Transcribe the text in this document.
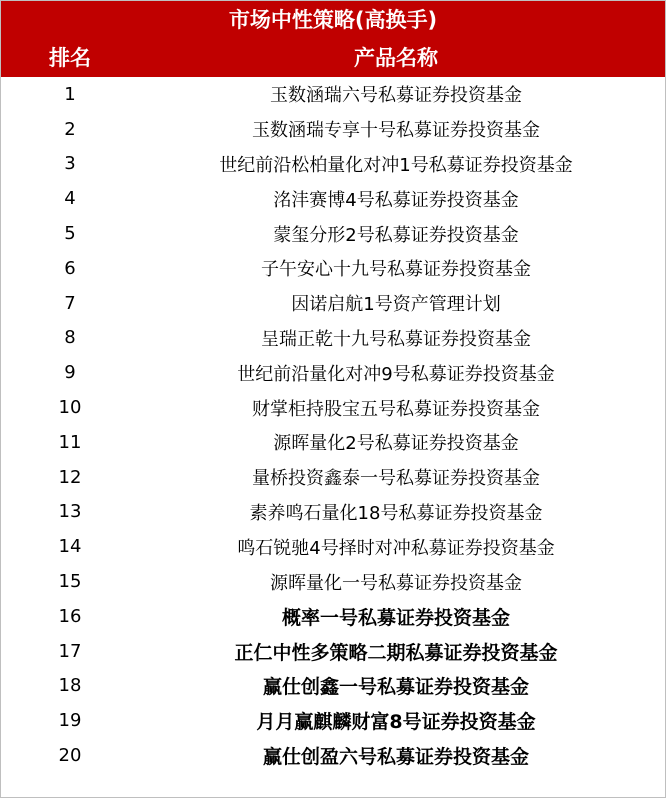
市场中性策略(高换手)
排名	产品名称
1	玉数涵瑞六号私募证券投资基金
2	玉数涵瑞专享十号私募证券投资基金
3	世纪前沿松柏量化对冲1号私募证券投资基金
4	洺沣赛博4号私募证券投资基金
5	蒙玺分形2号私募证券投资基金
6	子午安心十九号私募证券投资基金
7	因诺启航1号资产管理计划
8	呈瑞正乾十九号私募证券投资基金
9	世纪前沿量化对冲9号私募证券投资基金
10	财掌柜持股宝五号私募证券投资基金
11	源晖量化2号私募证券投资基金
12	量桥投资鑫泰一号私募证券投资基金
13	素养鸣石量化18号私募证券投资基金
14	鸣石锐驰4号择时对冲私募证券投资基金
15	源晖量化一号私募证券投资基金
16	概率一号私募证券投资基金
17	正仁中性多策略二期私募证券投资基金
18	赢仕创鑫一号私募证券投资基金
19	月月赢麒麟财富8号证券投资基金
20	赢仕创盈六号私募证券投资基金
